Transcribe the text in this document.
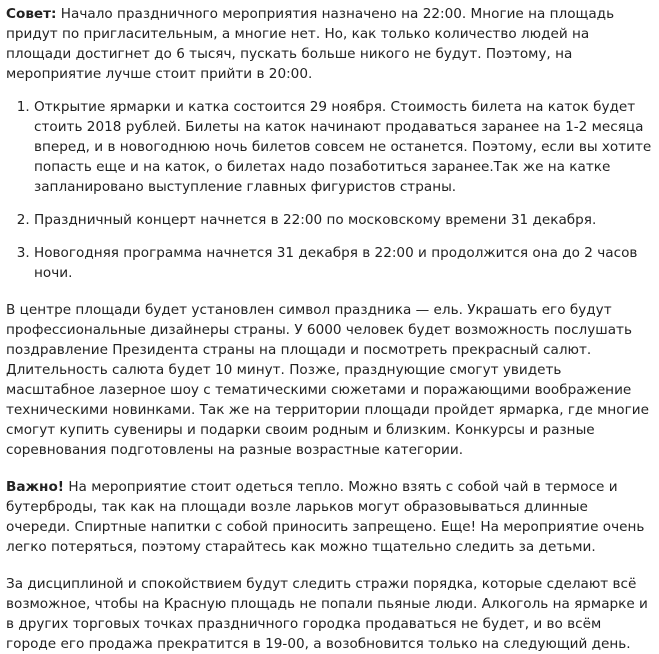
Совет: Начало праздничного мероприятия назначено на 22:00. Многие на площадь придут по пригласительным, а многие нет. Но, как только количество людей на площади достигнет до 6 тысяч, пускать больше никого не будут. Поэтому, на мероприятие лучше стоит прийти в 20:00.

1. Открытие ярмарки и катка состоится 29 ноября. Стоимость билета на каток будет стоить 2018 рублей. Билеты на каток начинают продаваться заранее на 1-2 месяца вперед, и в новогоднюю ночь билетов совсем не останется. Поэтому, если вы хотите попасть еще и на каток, о билетах надо позаботиться заранее.Так же на катке запланировано выступление главных фигуристов страны.
2. Праздничный концерт начнется в 22:00 по московскому времени 31 декабря.
3. Новогодняя программа начнется 31 декабря в 22:00 и продолжится она до 2 часов ночи.

В центре площади будет установлен символ праздника — ель. Украшать его будут профессиональные дизайнеры страны. У 6000 человек будет возможность послушать поздравление Президента страны на площади и посмотреть прекрасный салют. Длительность салюта будет 10 минут. Позже, празднующие смогут увидеть масштабное лазерное шоу с тематическими сюжетами и поражающими воображение техническими новинками. Так же на территории площади пройдет ярмарка, где многие смогут купить сувениры и подарки своим родным и близким. Конкурсы и разные соревнования подготовлены на разные возрастные категории.

Важно! На мероприятие стоит одеться тепло. Можно взять с собой чай в термосе и бутерброды, так как на площади возле ларьков могут образовываться длинные очереди. Спиртные напитки с собой приносить запрещено. Еще! На мероприятие очень легко потеряться, поэтому старайтесь как можно тщательно следить за детьми.

За дисциплиной и спокойствием будут следить стражи порядка, которые сделают всё возможное, чтобы на Красную площадь не попали пьяные люди. Алкоголь на ярмарке и в других торговых точках праздничного городка продаваться не будет, и во всём городе его продажа прекратится в 19-00, а возобновится только на следующий день.
